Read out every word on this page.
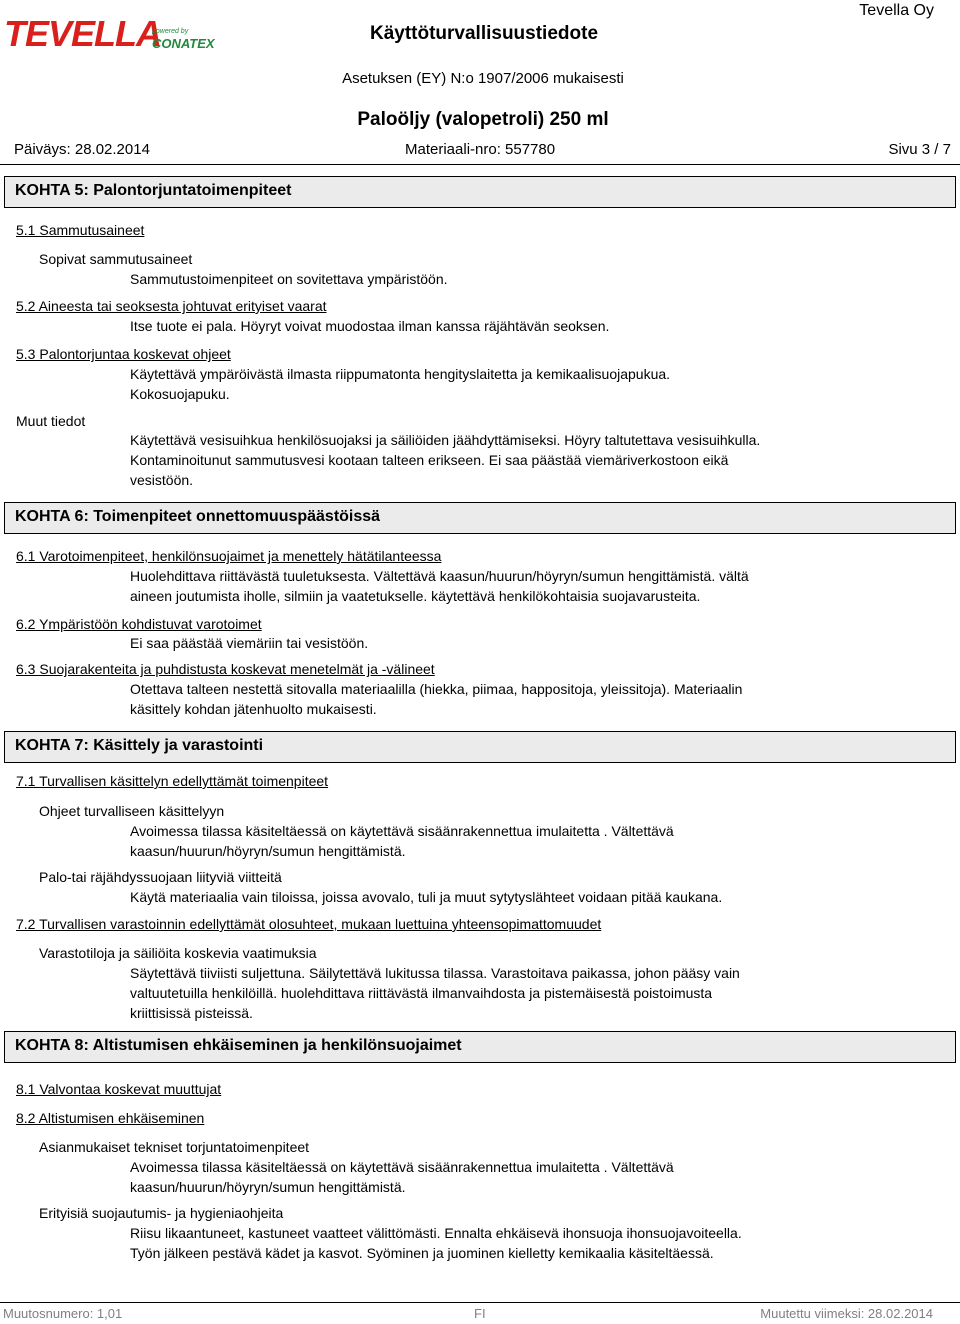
TEVELLA
powered by
CONATEX	Käyttöturvallisuustiedote
Tevella Oy
Asetuksen (EY) N:o 1907/2006 mukaisesti
Paloöljy (valopetroli) 250 ml
Päiväys: 28.02.2014	Materiaali-nro: 557780	Sivu 3 / 7
KOHTA 5: Palontorjuntatoimenpiteet
5.1 Sammutusaineet
Sopivat sammutusaineet
Sammutustoimenpiteet on sovitettava ympäristöön.
5.2 Aineesta tai seoksesta johtuvat erityiset vaarat
Itse tuote ei pala. Höyryt voivat muodostaa ilman kanssa räjähtävän seoksen.
5.3 Palontorjuntaa koskevat ohjeet
Käytettävä ympäröivästä ilmasta riippumatonta hengityslaitetta ja kemikaalisuojapukua.
Kokosuojapuku.
Muut tiedot
Käytettävä vesisuihkua henkilösuojaksi ja säiliöiden jäähdyttämiseksi. Höyry taltutettava vesisuihkulla.
Kontaminoitunut sammutusvesi kootaan talteen erikseen. Ei saa päästää viemäriverkostoon eikä
vesistöön.
KOHTA 6: Toimenpiteet onnettomuuspäästöissä
6.1 Varotoimenpiteet, henkilönsuojaimet ja menettely hätätilanteessa
Huolehdittava riittävästä tuuletuksesta. Vältettävä kaasun/huurun/höyryn/sumun hengittämistä. vältä
aineen joutumista iholle, silmiin ja vaatetukselle. käytettävä henkilökohtaisia suojavarusteita.
6.2 Ympäristöön kohdistuvat varotoimet
Ei saa päästää viemäriin tai vesistöön.
6.3 Suojarakenteita ja puhdistusta koskevat menetelmät ja -välineet
Otettava talteen nestettä sitovalla materiaalilla (hiekka, piimaa, happositoja, yleissitoja). Materiaalin
käsittely kohdan jätenhuolto mukaisesti.
KOHTA 7: Käsittely ja varastointi
7.1 Turvallisen käsittelyn edellyttämät toimenpiteet
Ohjeet turvalliseen käsittelyyn
Avoimessa tilassa käsiteltäessä on käytettävä sisäänrakennettua imulaitetta . Vältettävä
kaasun/huurun/höyryn/sumun hengittämistä.
Palo-tai räjähdyssuojaan liityviä viitteitä
Käytä materiaalia vain tiloissa, joissa avovalo, tuli ja muut sytytyslähteet voidaan pitää kaukana.
7.2 Turvallisen varastoinnin edellyttämät olosuhteet, mukaan luettuina yhteensopimattomuudet
Varastotiloja ja säiliöita koskevia vaatimuksia
Säytettävä tiiviisti suljettuna. Säilytettävä lukitussa tilassa. Varastoitava paikassa, johon pääsy vain
valtuutetuilla henkilöillä. huolehdittava riittävästä ilmanvaihdosta ja pistemäisestä poistoimusta
kriittisissä pisteissä.
KOHTA 8: Altistumisen ehkäiseminen ja henkilönsuojaimet
8.1 Valvontaa koskevat muuttujat
8.2 Altistumisen ehkäiseminen
Asianmukaiset tekniset torjuntatoimenpiteet
Avoimessa tilassa käsiteltäessä on käytettävä sisäänrakennettua imulaitetta . Vältettävä
kaasun/huurun/höyryn/sumun hengittämistä.
Erityisiä suojautumis- ja hygieniaohjeita
Riisu likaantuneet, kastuneet vaatteet välittömästi. Ennalta ehkäisevä ihonsuoja ihonsuojavoiteella.
Työn jälkeen pestävä kädet ja kasvot. Syöminen ja juominen kielletty kemikaalia käsiteltäessä.
Muutosnumero: 1,01	FI	Muutettu viimeksi: 28.02.2014
